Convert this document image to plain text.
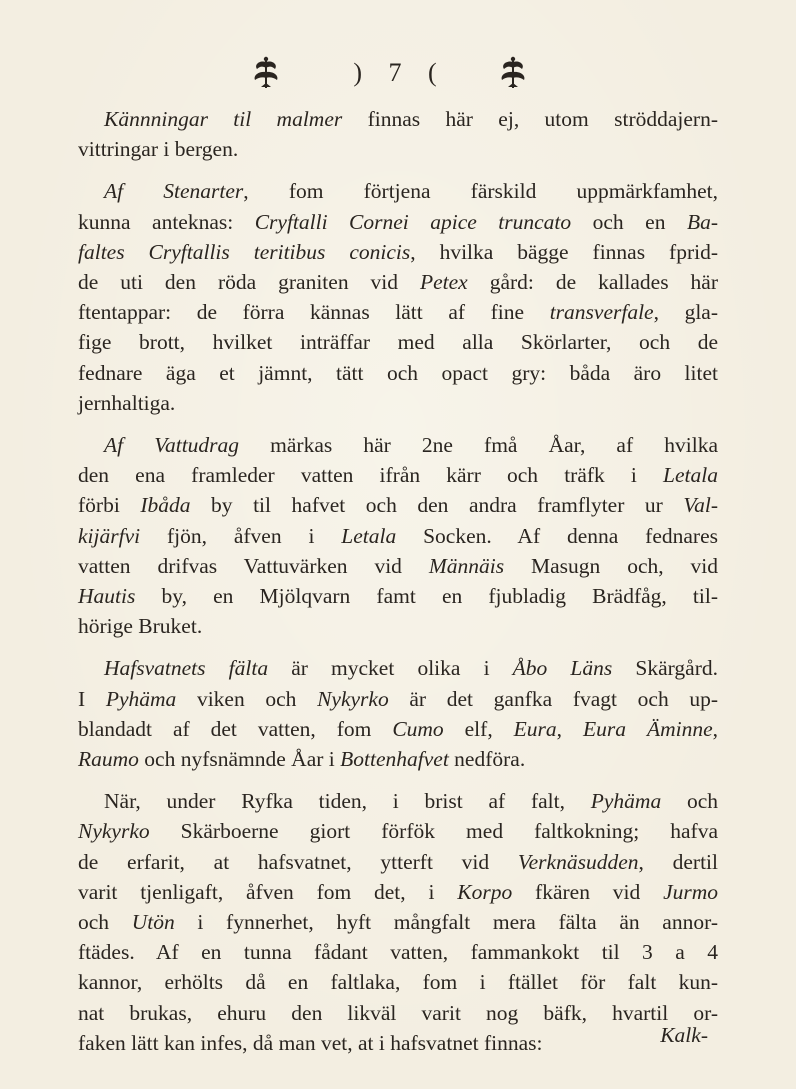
) 7 (
Kännningar til malmer finnas här ej, utom ströddajern-
vittringar i bergen.
Af Stenarter, fom förtjena färskild uppmärkfamhet,
kunna anteknas: Cryftalli Cornei apice truncato och en Ba-
faltes Cryftallis teritibus conicis, hvilka bägge finnas fprid-
de uti den röda graniten vid Petex gård: de kallades här
ftentappar: de förra kännas lätt af fine transverfale, gla-
fige brott, hvilket inträffar med alla Skörlarter, och de
fednare äga et jämnt, tätt och opact gry: båda äro litet
jernhaltiga.
Af Vattudrag märkas här 2ne fmå Åar, af hvilka
den ena framleder vatten ifrån kärr och träfk i Letala
förbi Ibåda by til hafvet och den andra framflyter ur Val-
kijärfvi fjön, åfven i Letala Socken. Af denna fednares
vatten drifvas Vattuvärken vid Männäis Masugn och, vid
Hautis by, en Mjölqvarn famt en fjubladig Brädfåg, til-
hörige Bruket.
Hafsvatnets fälta är mycket olika i Åbo Läns Skärgård.
I Pyhäma viken och Nykyrko är det ganfka fvagt och up-
blandadt af det vatten, fom Cumo elf, Eura, Eura Äminne,
Raumo och nyfsnämnde Åar i Bottenhafvet nedföra.
När, under Ryfka tiden, i brist af falt, Pyhäma och
Nykyrko Skärboerne giort förfök med faltkokning; hafva
de erfarit, at hafsvatnet, ytterft vid Verknäsudden, dertil
varit tjenligaft, åfven fom det, i Korpo fkären vid Jurmo
och Utön i fynnerhet, hyft mångfalt mera fälta än annor-
ftädes. Af en tunna fådant vatten, fammankokt til 3 a 4
kannor, erhölts då en faltlaka, fom i ftället för falt kun-
nat brukas, ehuru den likväl varit nog bäfk, hvartil or-
faken lätt kan infes, då man vet, at i hafsvatnet finnas:	Kalk-
